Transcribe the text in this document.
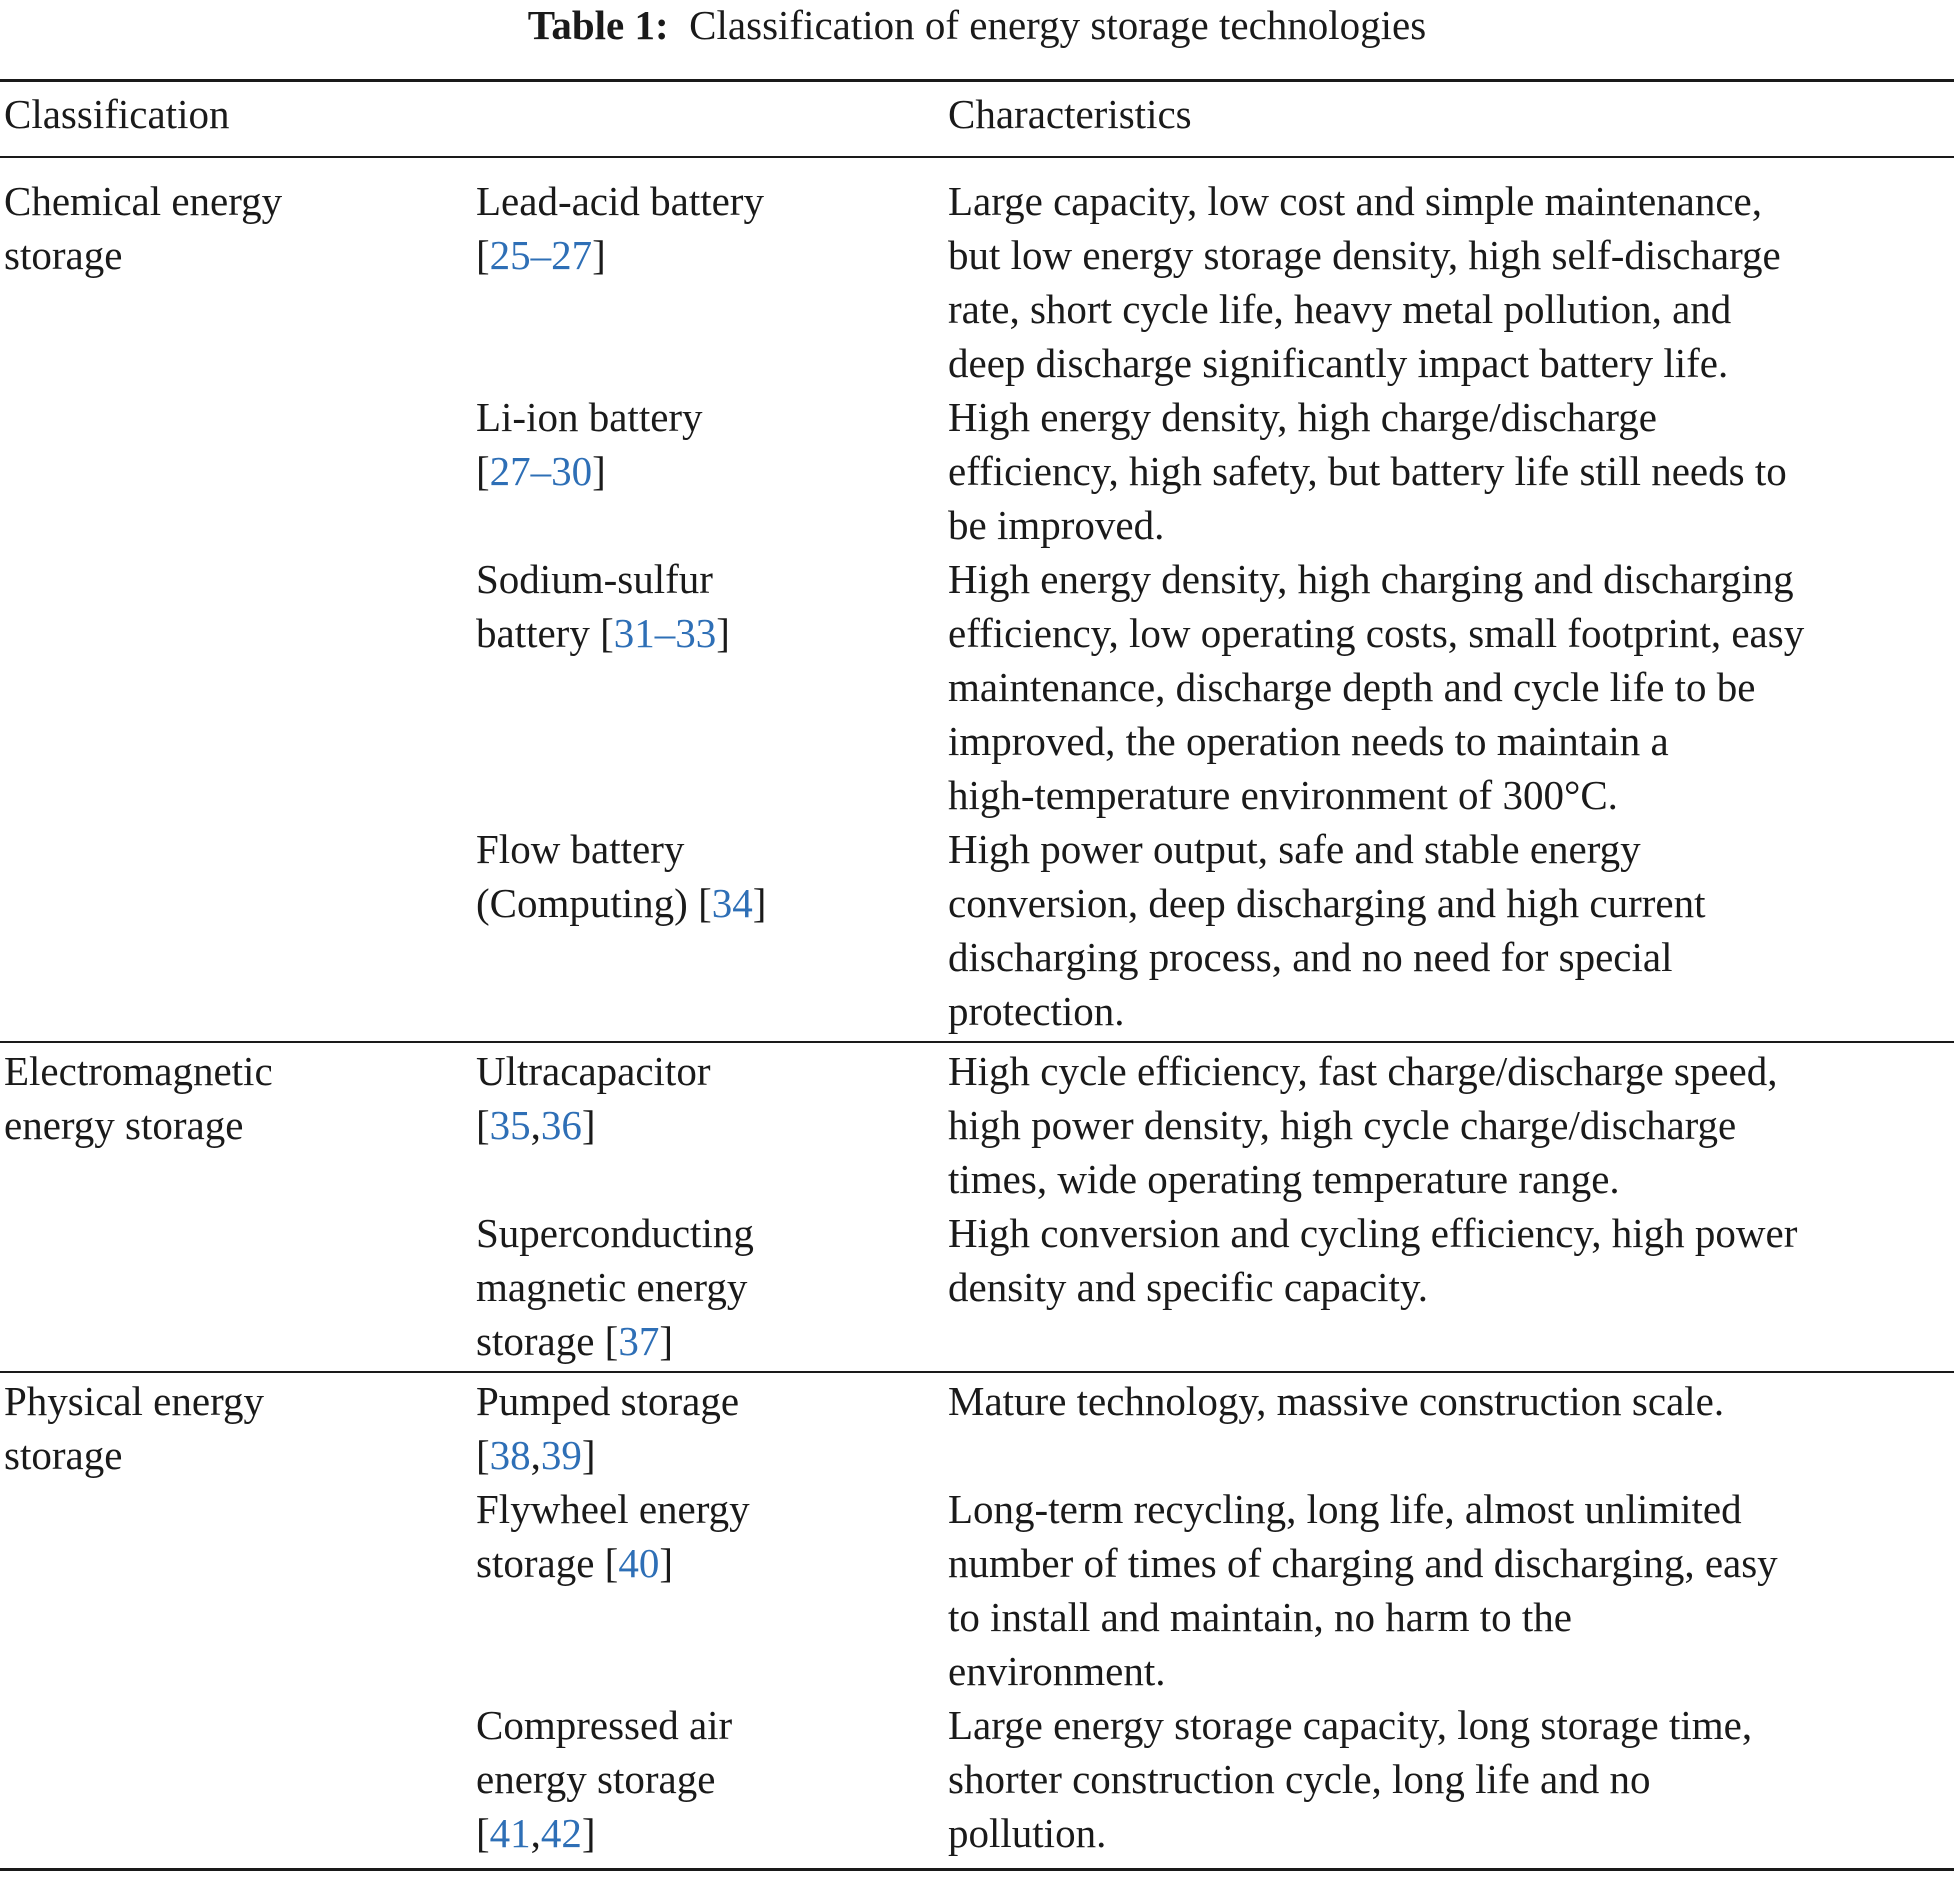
Table 1: Classification of energy storage technologies
Classification	Characteristics
Chemical energy
storage
Lead-acid battery
[25–27]
Large capacity, low cost and simple maintenance,
but low energy storage density, high self-discharge
rate, short cycle life, heavy metal pollution, and
deep discharge significantly impact battery life.
Li-ion battery
[27–30]
High energy density, high charge/discharge
efficiency, high safety, but battery life still needs to
be improved.
Sodium-sulfur
battery [31–33]
High energy density, high charging and discharging
efficiency, low operating costs, small footprint, easy
maintenance, discharge depth and cycle life to be
improved, the operation needs to maintain a
high-temperature environment of 300°C.
Flow battery
(Computing) [34]
High power output, safe and stable energy
conversion, deep discharging and high current
discharging process, and no need for special
protection.
Electromagnetic
energy storage
Ultracapacitor
[35,36]
High cycle efficiency, fast charge/discharge speed,
high power density, high cycle charge/discharge
times, wide operating temperature range.
Superconducting
magnetic energy
storage [37]
High conversion and cycling efficiency, high power
density and specific capacity.
Physical energy
storage
Pumped storage
[38,39]
Mature technology, massive construction scale.
Flywheel energy
storage [40]
Long-term recycling, long life, almost unlimited
number of times of charging and discharging, easy
to install and maintain, no harm to the
environment.
Compressed air
energy storage
[41,42]
Large energy storage capacity, long storage time,
shorter construction cycle, long life and no
pollution.
